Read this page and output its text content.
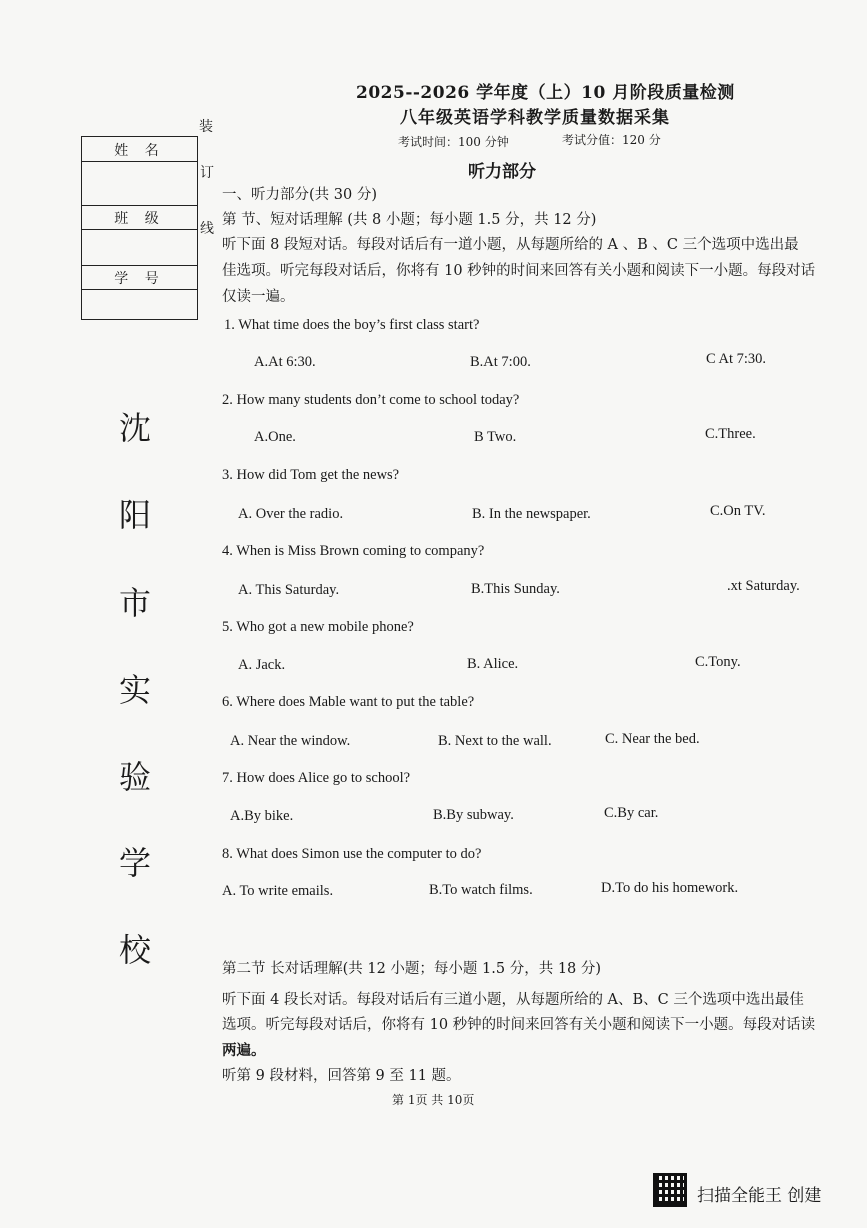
2025--2026 学年度（上）10 月阶段质量检测
八年级英语学科教学质量数据采集
考试时间：100 分钟	考试分值：120 分
听力部分
姓 名
班 级
学 号
装
订
线
沈
阳
市
实
验
学
校
一、听力部分(共 30 分)
第 节、短对话理解 (共 8 小题；每小题 1.5 分，共 12 分)
听下面 8 段短对话。每段对话后有一道小题，从每题所给的 A 、B 、C 三个选项中选出最
佳选项。听完每段对话后，你将有 10 秒钟的时间来回答有关小题和阅读下一小题。每段对话
仅读一遍。
1. What time does the boy’s first class start?
A.At 6:30.	B.At 7:00.	C At 7:30.
2. How many students don’t come to school today?
A.One.	B Two.	C.Three.
3. How did Tom get the news?
A. Over the radio.	B. In the newspaper.	C.On TV.
4. When is Miss Brown coming to company?
A. This Saturday.	B.This Sunday.	.xt Saturday.
5. Who got a new mobile phone?
A. Jack.	B. Alice.	C.Tony.
6. Where does Mable want to put the table?
A. Near the window.	B. Next to the wall.	C. Near the bed.
7. How does Alice go to school?
A.By bike.	B.By subway.	C.By car.
8. What does Simon use the computer to do?
A. To write emails.	B.To watch films.	D.To do his homework.
第二节 长对话理解(共 12 小题；每小题 1.5 分，共 18 分)
听下面 4 段长对话。每段对话后有三道小题，从每题所给的 A、B、C 三个选项中选出最佳
选项。听完每段对话后，你将有 10 秒钟的时间来回答有关小题和阅读下一小题。每段对话读
两遍。
听第 9 段材料，回答第 9 至 11 题。
第 1页 共 10页
扫描全能王 创建
